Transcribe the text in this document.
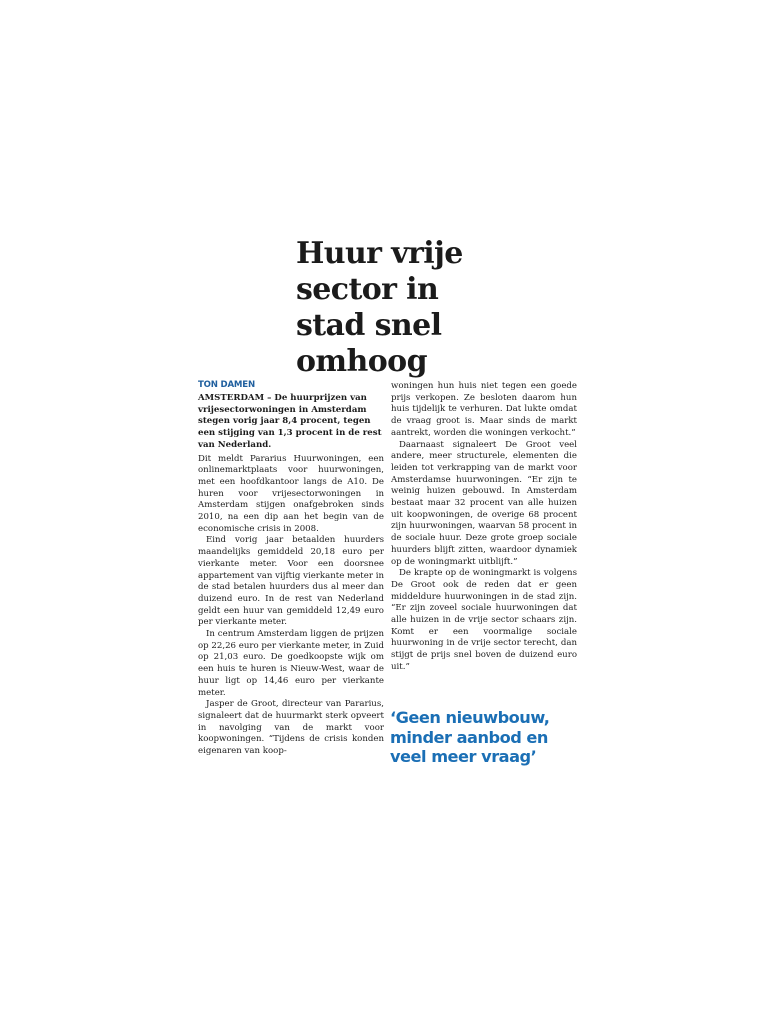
Huur vrije
sector in
stad snel
omhoog
TON DAMEN
AMSTERDAM – De huurprijzen van vrijesectorwoningen in Amsterdam stegen vorig jaar 8,4 procent, tegen een stijging van 1,3 procent in de rest van Nederland.

Dit meldt Pararius Huurwoningen, een onlinemarktplaats voor huurwoningen, met een hoofdkantoor langs de A10. De huren voor vrijesectorwoningen in Amsterdam stijgen onafgebroken sinds 2010, na een dip aan het begin van de economische crisis in 2008.

Eind vorig jaar betaalden huurders maandelijks gemiddeld 20,18 euro per vierkante meter. Voor een doorsnee appartement van vijftig vierkante meter in de stad betalen huurders dus al meer dan duizend euro. In de rest van Nederland geldt een huur van gemiddeld 12,49 euro per vierkante meter.

In centrum Amsterdam liggen de prijzen op 22,26 euro per vierkante meter, in Zuid op 21,03 euro. De goedkoopste wijk om een huis te huren is Nieuw-West, waar de huur ligt op 14,46 euro per vierkante meter.

Jasper de Groot, directeur van Pararius, signaleert dat de huurmarkt sterk opveert in navolging van de markt voor koopwoningen. “Tijdens de crisis konden eigenaren van koop-

woningen hun huis niet tegen een goede prijs verkopen. Ze besloten daarom hun huis tijdelijk te verhuren. Dat lukte omdat de vraag groot is. Maar sinds de markt aantrekt, worden die woningen verkocht.”

Daarnaast signaleert De Groot veel andere, meer structurele, elementen die leiden tot verkrapping van de markt voor Amsterdamse huurwoningen. “Er zijn te weinig huizen gebouwd. In Amsterdam bestaat maar 32 procent van alle huizen uit koopwoningen, de overige 68 procent zijn huurwoningen, waarvan 58 procent in de sociale huur. Deze grote groep sociale huurders blijft zitten, waardoor dynamiek op de woningmarkt uitblijft.”

De krapte op de woningmarkt is volgens De Groot ook de reden dat er geen middeldure huurwoningen in de stad zijn. “Er zijn zoveel sociale huurwoningen dat alle huizen in de vrije sector schaars zijn. Komt er een voormalige sociale huurwoning in de vrije sector terecht, dan stijgt de prijs snel boven de duizend euro uit.”

‘Geen nieuwbouw,
minder aanbod en
veel meer vraag’
